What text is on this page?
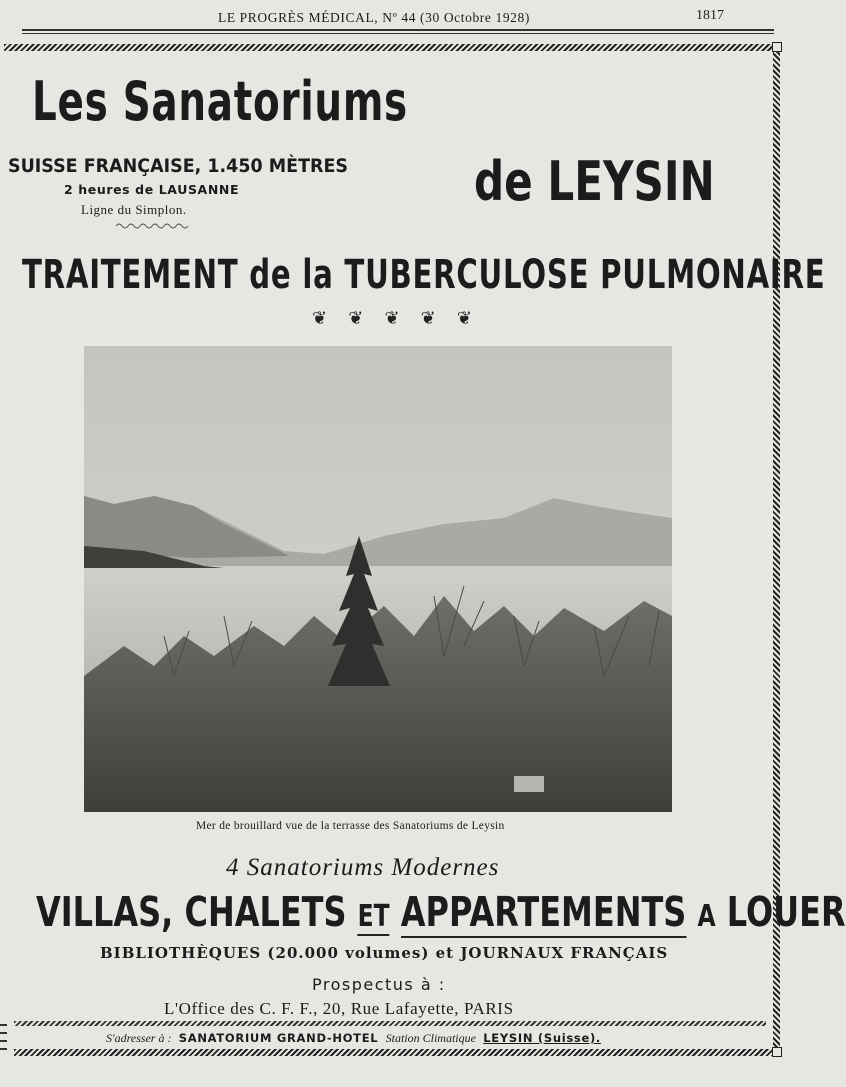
LE PROGRÈS MÉDICAL, Nº 44 (30 Octobre 1928)	1817
Les Sanatoriums
SUISSE FRANÇAISE, 1.450 MÈTRES
2 heures de LAUSANNE
Ligne du Simplon.	de LEYSIN
TRAITEMENT de la TUBERCULOSE PULMONAIRE
❦ ❦ ❦ ❦ ❦
Mer de brouillard vue de la terrasse des Sanatoriums de Leysin
4 Sanatoriums Modernes
VILLAS, CHALETS ET APPARTEMENTS A LOUER
BIBLIOTHÈQUES (20.000 volumes) et JOURNAUX FRANÇAIS
Prospectus à :
L'Office des C. F. F., 20, Rue Lafayette, PARIS
S'adresser à : SANATORIUM GRAND-HOTEL Station Climatique LEYSIN (Suisse).
